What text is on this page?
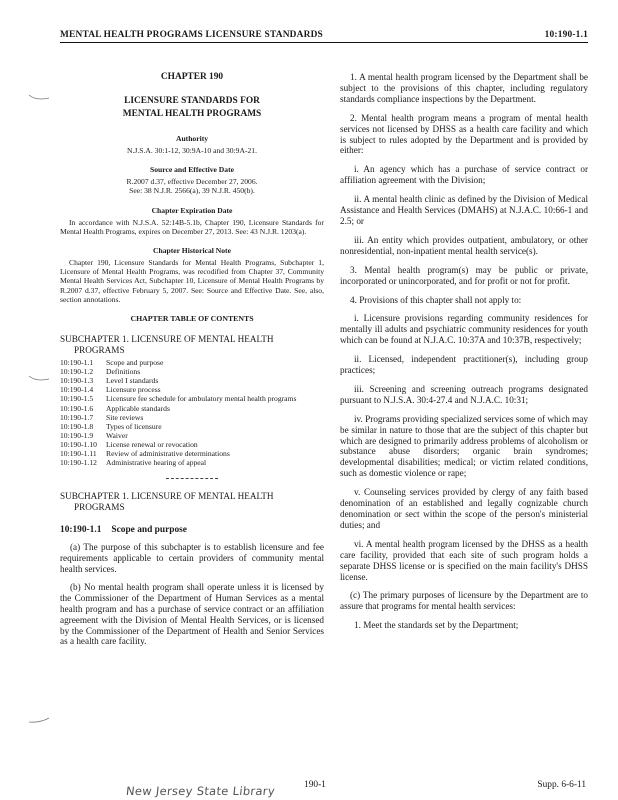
MENTAL HEALTH PROGRAMS LICENSURE STANDARDS	10:190-1.1
CHAPTER 190
LICENSURE STANDARDS FOR
MENTAL HEALTH PROGRAMS
Authority
N.J.S.A. 30:1-12, 30:9A-10 and 30:9A-21.
Source and Effective Date
R.2007 d.37, effective December 27, 2006.
See: 38 N.J.R. 2566(a), 39 N.J.R. 450(b).
Chapter Expiration Date
In accordance with N.J.S.A. 52:14B-5.1b, Chapter 190, Licensure Standards for Mental Health Programs, expires on December 27, 2013. See: 43 N.J.R. 1203(a).
Chapter Historical Note
Chapter 190, Licensure Standards for Mental Health Programs, Subchapter 1, Licensure of Mental Health Programs, was recodified from Chapter 37, Community Mental Health Services Act, Subchapter 10, Licensure of Mental Health Programs by R.2007 d.37, effective February 5, 2007. See: Source and Effective Date. See, also, section annotations.
CHAPTER TABLE OF CONTENTS
SUBCHAPTER 1. LICENSURE OF MENTAL HEALTH PROGRAMS
10:190-1.1	Scope and purpose
10:190-1.2	Definitions
10:190-1.3	Level I standards
10:190-1.4	Licensure process
10:190-1.5	Licensure fee schedule for ambulatory mental health programs
10:190-1.6	Applicable standards
10:190-1.7	Site reviews
10:190-1.8	Types of licensure
10:190-1.9	Waiver
10:190-1.10	License renewal or revocation
10:190-1.11	Review of administrative determinations
10:190-1.12	Administrative hearing of appeal
SUBCHAPTER 1. LICENSURE OF MENTAL HEALTH PROGRAMS
10:190-1.1 Scope and purpose

(a) The purpose of this subchapter is to establish licensure and fee requirements applicable to certain providers of community mental health services.

(b) No mental health program shall operate unless it is licensed by the Commissioner of the Department of Human Services as a mental health program and has a purchase of service contract or an affiliation agreement with the Division of Mental Health Services, or is licensed by the Commissioner of the Department of Health and Senior Services as a health care facility.

1. A mental health program licensed by the Department shall be subject to the provisions of this chapter, including regulatory standards compliance inspections by the Department.

2. Mental health program means a program of mental health services not licensed by DHSS as a health care facility and which is subject to rules adopted by the Department and is provided by either:

i. An agency which has a purchase of service contract or affiliation agreement with the Division;

ii. A mental health clinic as defined by the Division of Medical Assistance and Health Services (DMAHS) at N.J.A.C. 10:66-1 and 2.5; or

iii. An entity which provides outpatient, ambulatory, or other nonresidential, non-inpatient mental health service(s).

3. Mental health program(s) may be public or private, incorporated or unincorporated, and for profit or not for profit.

4. Provisions of this chapter shall not apply to:

i. Licensure provisions regarding community residences for mentally ill adults and psychiatric community residences for youth which can be found at N.J.A.C. 10:37A and 10:37B, respectively;

ii. Licensed, independent practitioner(s), including group practices;

iii. Screening and screening outreach programs designated pursuant to N.J.S.A. 30:4-27.4 and N.J.A.C. 10:31;

iv. Programs providing specialized services some of which may be similar in nature to those that are the subject of this chapter but which are designed to primarily address problems of alcoholism or substance abuse disorders; organic brain syndromes; developmental disabilities; medical; or victim related conditions, such as domestic violence or rape;

v. Counseling services provided by clergy of any faith based denomination of an established and legally cognizable church denomination or sect within the scope of the person's ministerial duties; and

vi. A mental health program licensed by the DHSS as a health care facility, provided that each site of such program holds a separate DHSS license or is specified on the main facility's DHSS license.

(c) The primary purposes of licensure by the Department are to assure that programs for mental health services:

1. Meet the standards set by the Department;

New Jersey State Library	190-1	Supp. 6-6-11
